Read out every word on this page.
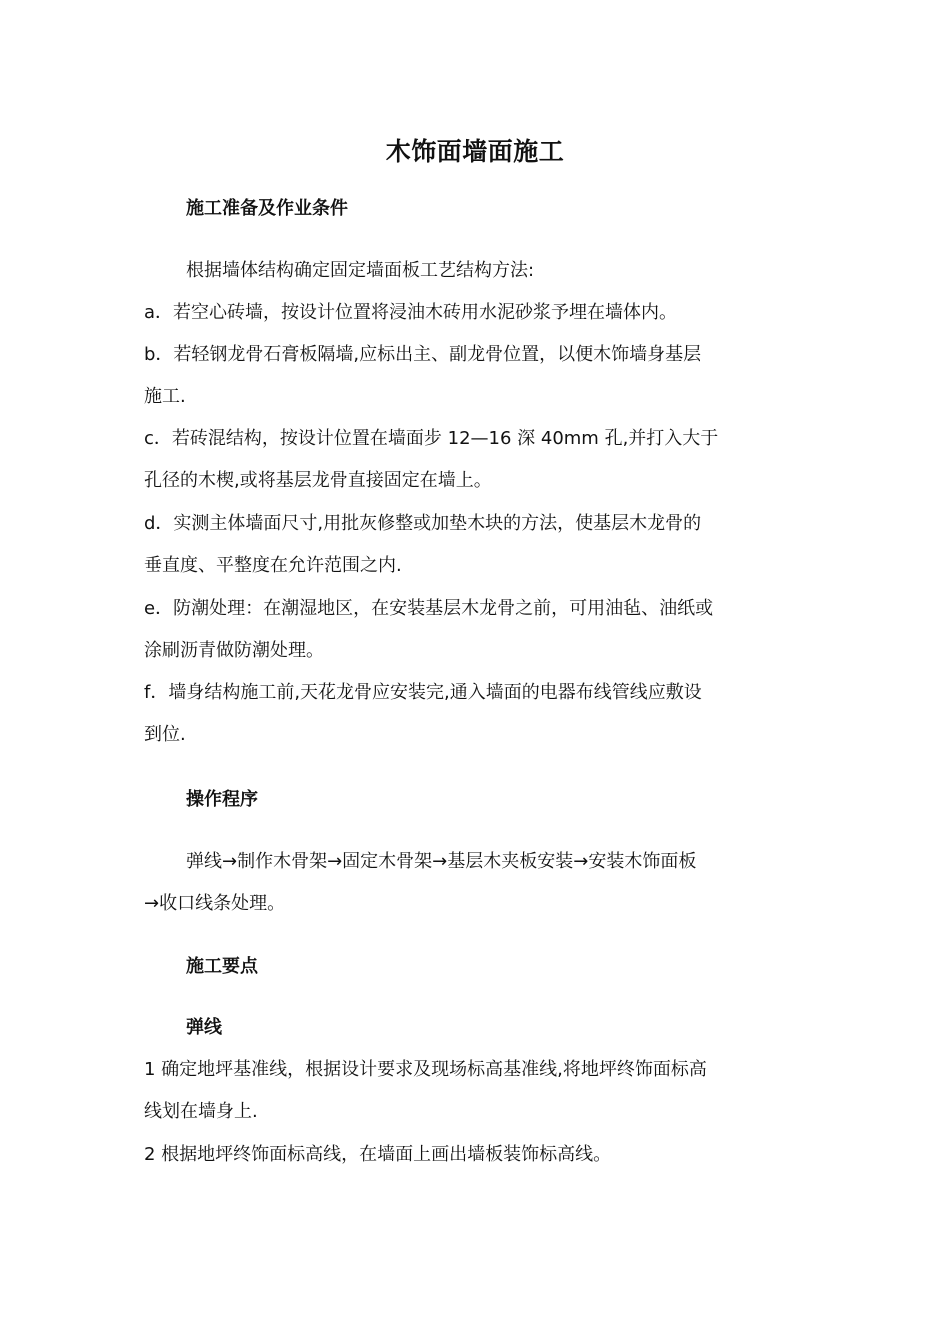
木饰面墙面施工
施工准备及作业条件
根据墙体结构确定固定墙面板工艺结构方法:
a．若空心砖墙，按设计位置将浸油木砖用水泥砂浆予埋在墙体内。
b．若轻钢龙骨石膏板隔墙,应标出主、副龙骨位置，以便木饰墙身基层
施工.
c．若砖混结构，按设计位置在墙面步 12—16 深 40mm 孔,并打入大于
孔径的木楔,或将基层龙骨直接固定在墙上。
d．实测主体墙面尺寸,用批灰修整或加垫木块的方法，使基层木龙骨的
垂直度、平整度在允许范围之内.
e．防潮处理：在潮湿地区，在安装基层木龙骨之前，可用油毡、油纸或
涂刷沥青做防潮处理。
f．墙身结构施工前,天花龙骨应安装完,通入墙面的电器布线管线应敷设
到位.
操作程序
弹线→制作木骨架→固定木骨架→基层木夹板安装→安装木饰面板
→收口线条处理。
施工要点
弹线
1 确定地坪基准线，根据设计要求及现场标高基准线,将地坪终饰面标高
线划在墙身上.
2 根据地坪终饰面标高线，在墙面上画出墙板装饰标高线。
